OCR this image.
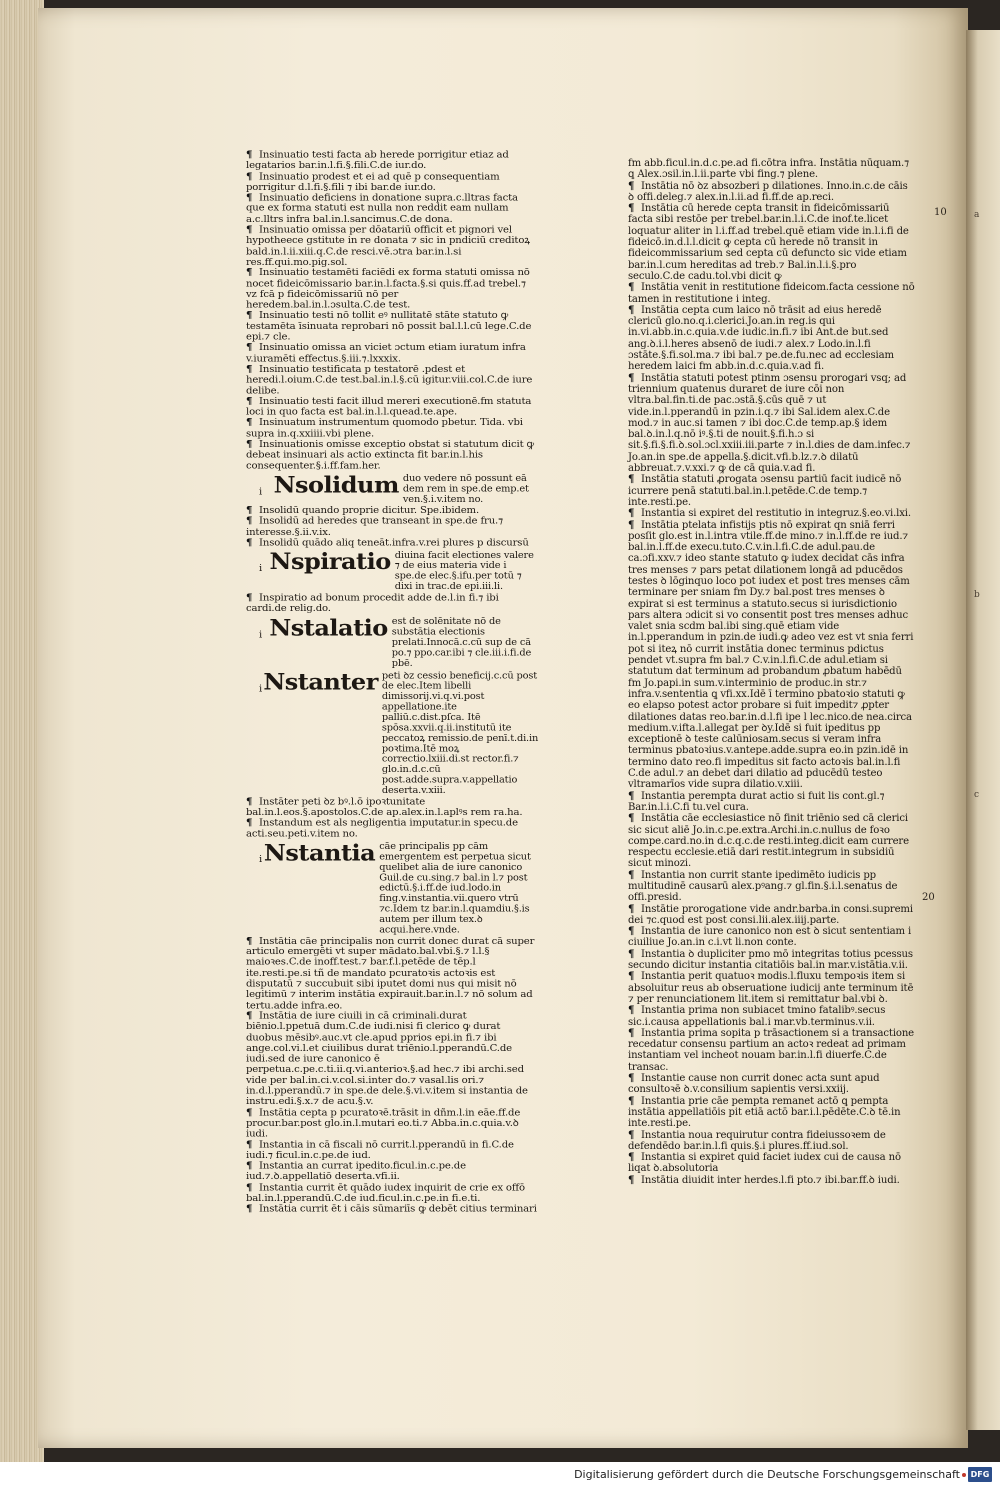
a
b
c
¶ Insinuatio testi facta ab herede porrigitur etiaz ad legatarios bar.in.l.fi.§.fili.C.de iur.do.
¶ Insinuatio prodest et ei ad quē p consequentiam porrigitur d.l.fi.§.fili ⁊ ibi bar.de iur.do.
¶ Insinuatio deficiens in donatione supra.c.lltras facta que ex forma statuti est nulla non reddit eam nullam a.c.lltrs infra bal.in.l.sancimus.C.de dona.
¶ Insinuatio omissa per dōatariū officit et pignori vel hypotheece gstitute in re donata ⁊ sic in pndiciū creditoꝝ bald.in.l.ii.xiii.q.C.de resci.vē.ɔtra bar.in.l.si res.ff.qui.mo.pig.sol.
¶ Insinuatio testamēti faciēdi ex forma statuti omissa nō nocet fideicōmissario bar.in.l.facta.§.si quis.ff.ad trebel.⁊ vz fcā p fideicōmissariū nō per heredem.bal.in.l.ɔsulta.C.de test.
¶ Insinuatio testi nō tollit eꝰ nullitatē stāte statuto ꝙ testamēta īsinuata reprobari nō possit bal.l.l.cū lege.C.de epi.⁊ cle.
¶ Insinuatio omissa an viciet ɔctum etiam iuratum infra v.iuramēti effectus.§.iii.⁊.lxxxix.
¶ Insinuatio testificata p testatorē .pdest et heredi.l.oium.C.de test.bal.in.l.§.cū igitur.viii.col.C.de iure delibe.
¶ Insinuatio testi facit illud mereri executionē.fm statuta loci in quo facta est bal.in.l.l.quead.te.ape.
¶ Insinuatum instrumentum quomodo pbetur. Tida. vbi supra in.q.xxiiii.vbi plene.
¶ Insinuationis omisse exceptio obstat si statutum dicit ꝙ debeat insinuari als actio extincta fit bar.in.l.his consequenter.§.i.ff.fam.her.
i Nsolidum duo vedere nō possunt eā dem rem in spe.de emp.et ven.§.i.v.item no.
¶ Insolidū quando proprie dicitur. Spe.ibidem.
¶ Insolidū ad heredes que transeant in spe.de fru.⁊ interesse.§.ii.v.ix.
¶ Insolidū quādo aliq teneāt.infra.v.rei plures p discursū
i Nspiratio diuina facit electiones valere ⁊ de eius materia vide i spe.de elec.§.ifu.per totū ⁊ dixi in trac.de epi.iii.li.
¶ Inspiratio ad bonum procedit adde de.l.in fi.⁊ ibi cardi.de relig.do.
i Nstalatio est de solēnitate nō de substātia electionis prelati.Innocā.c.cū sup de cā po.⁊ ppo.car.ibi ⁊ cle.iii.i.fi.de pbē.
i Nstanter peti ꝺz cessio beneficij.c.cū post de elec.Item libelli dimissorij.vi.q.vi.post appellatione.ite palliū.c.dist.pſca. Itē spōsa.xxvii.q.ii.institutū ite peccatoꝝ remissio.de penī.t.di.in poꝛtima.Itē moꝝ correctio.lxiii.di.st rector.fi.⁊ glo.in.d.c.cū post.adde.supra.v.appellatio deserta.v.xiii.
¶ Instāter peti ꝺz bꝰ.l.ō ipoꝛtunitate bal.in.l.eos.§.apostolos.C.de ap.alex.in.l.aplꝰs rem ra.ha.
¶ Instandum est als negligentia imputatur.in specu.de acti.seu.peti.v.item no.
i Nstantia cāe principalis pp cām emergentem est perpetua sicut quelibet alia de iure canonico Guil.de cu.sing.⁊ bal.in l.⁊ post edictū.§.i.ff.de iud.lodo.in fing.v.instantia.vii.quero vtrū ⁊c.Idem tz bar.in.l.quamdiu.§.is autem per illum tex.ꝺ acqui.here.vnde.
¶ Instātia cāe principalis non currit donec durat cā super articulo emergēti vt super mādato.bal.vbi.§.⁊ l.l.§ maioꝛes.C.de inoff.test.⁊ bar.f.l.petēde de tēp.l ite.resti.pe.si tñ de mandato pcuratoꝛis actoꝛis est disputatū ⁊ succubuit sibi iputet domi nus qui misit nō legitimū ⁊ interim instātia expirauit.bar.in.l.⁊ nō solum ad tertu.adde infra.eo.
¶ Instātia de iure ciuili in cā criminali.durat biēnio.l.ppetuā dum.C.de iudi.nisi fi clerico ꝙ durat duobus mēsibꝰ.auc.vt cle.apud pprios epi.in fi.⁊ ibi ange.col.vi.l.et ciuilibus durat triēnio.l.pperandū.C.de iudi.sed de iure canonico ē perpetua.c.pe.c.ti.ii.q.vi.anterioꝛ.§.ad hec.⁊ ibi archi.sed vide per bal.in.ci.v.col.si.inter do.⁊ vasal.lis ori.⁊ in.d.l.pperandū.⁊ in spe.de dele.§.vi.v.item si instantia de instru.edi.§.x.⁊ de acu.§.v.
¶ Instātia cepta p pcuratoꝛē.trāsit in dñm.l.in eāe.ff.de procur.bar.post glo.in.l.mutari eo.ti.⁊ Abba.in.c.quia.v.ꝺ iudi.
¶ Instantia in cā fiscali nō currit.l.pperandū in fi.C.de iudi.⁊ ficul.in.c.pe.de iud.
¶ Instantia an currat ipedito.ficul.in.c.pe.de iud.⁊.ꝺ.appellatiō deserta.vfi.ii.
¶ Instantia currit ēt quādo iudex inquirit de crie ex offō bal.in.l.pperandū.C.de iud.ficul.in.c.pe.in fi.e.ti.
¶ Instātia currit ēt i cāis sūmariīs ꝙ debēt citius terminari
fm abb.ficul.in.d.c.pe.ad fi.cōtra infra. Instātia nūquam.⁊ ꝗ Alex.ɔsil.in.l.ii.parte vbi fing.⁊ plene.
¶ Instātia nō ꝺz absozberi p dilationes. Inno.in.c.de cāis ꝺ offi.deleg.⁊ alex.in.l.ii.ad fi.ff.de ap.reci.
¶ Instātia cū herede cepta transit in fideicōmissariū facta sibi restōe per trebel.bar.in.l.i.C.de inof.te.licet loquatur aliter in l.i.ff.ad trebel.quē etiam vide in.l.i.fi de fideicō.in.d.l.l.dicit ꝙ cepta cū herede nō transit in fideicommissarium sed cepta cū defuncto sic vide etiam bar.in.l.cum hereditas ad treb.⁊ Bal.in.l.i.§.pro seculo.C.de cadu.tol.vbi dicit ꝙ
¶ Instātia venit in restitutione fideicom.facta cessione nō tamen in restitutione i integ.
¶ Instātia cepta cum laico nō trāsit ad eius heredē clericū glo.no.q.i.clerici.Jo.an.in reg.is qui in.vi.abb.in.c.quia.v.de iudic.in.fi.⁊ ibi Ant.de but.sed ang.ꝺ.i.l.heres absenō de iudi.⁊ alex.⁊ Lodo.in.l.fi ɔstāte.§.fi.sol.ma.⁊ ibi bal.⁊ pe.de.fu.nec ad ecclesiam heredem laici fm abb.in.d.c.quia.v.ad fi.
¶ Instātia statuti potest ptinm ɔsensu prorogari vsq; ad triennium quatenus duraret de iure cōi non vltra.bal.fin.ti.de pac.ɔstā.§.cūs quē ⁊ ut vide.in.l.pperandū in pzin.i.q.⁊ ibi Sal.idem alex.C.de mod.⁊ in auc.si tamen ⁊ ibi doc.C.de temp.ap.§ idem bal.ꝺ.in.l.q.nō iꝰ.§.ti de nouit.§.fi.h.ɔ si sit.§.fi.§.fi.ꝺ.sol.ɔcl.xxiii.iii.parte ⁊ in.l.dies de dam.infec.⁊ Jo.an.in spe.de appella.§.dicit.vfi.b.lz.⁊.ꝺ dilatū abbreuat.⁊.v.xxi.⁊ ꝙ de cā quia.v.ad fi.
¶ Instātia statuti ꝓrogata ɔsensu partiū facit iudicē nō icurrere penā statuti.bal.in.l.petēde.C.de temp.⁊ inte.resti.pe.
¶ Instantia si expiret del restitutio in integruz.§.eo.vi.lxi.
¶ Instātia ptelata infistijs ptis nō expirat qn sniā ferri posſit glo.est in.l.intra vtile.ff.de mino.⁊ in.l.ff.de re iud.⁊ bal.in.l.ff.de execu.tuto.C.v.in.l.fi.C.de adul.pau.de ca.ɔfi.xxv.⁊ ideo stante statuto ꝙ iudex decidat cās infra tres menses ⁊ pars petat dilationem longā ad pducēdos testes ꝺ lōginquo loco pot iudex et post tres menses cām terminare per sniam fm Dy.⁊ bal.post tres menses ꝺ expirat si est terminus a statuto.secus si iurisdictionio pars altera ɔdicit si vo consentit post tres menses adhuc valet snia scdm bal.ibi sing.quē etiam vide in.l.pperandum in pzin.de iudi.ꝙ adeo vez est vt snia ferri pot si iteꝝ nō currit instātia donec terminus pdictus pendet vt.supra fm bal.⁊ C.v.in.l.fi.C.de adul.etiam si statutum dat terminum ad probandum ꝓbatum habēdū fm Jo.papi.in sum.v.interminio de produc.in str.⁊ infra.v.sententia ꝗ vfi.xx.Idē ī termino pbatoꝛio statuti ꝙ eo elapso potest actor probare si fuit impedit⁊ ꝓpter dilationes datas reo.bar.in.d.l.fi ipe l lec.nico.de nea.circa medium.v.ifta.l.allegat per ꝺy.Idē si fuit ipeditus pp exceptionē ꝺ teste calūniosam.secus si veram infra terminus pbatoꝛius.v.antepe.adde.supra eo.in pzin.idē in termino dato reo.fi impeditus sit facto actoꝛis bal.in.l.fi C.de adul.⁊ an debet dari dilatio ad pducēdū testeo vltramarīos vide supra dilatio.v.xiii.
¶ Instantia perempta durat actio si fuit lis cont.gl.⁊ Bar.in.l.i.C.fi tu.vel cura.
¶ Instātia cāe ecclesiastice nō finit triēnio sed cā clerici sic sicut aliē Jo.in.c.pe.extra.Archi.in.c.nullus de foꝛo compe.card.no.in d.c.q.c.de resti.integ.dicit eam currere respectu ecclesie.etiā dari restit.integrum in subsidiū sicut minozi.
¶ Instantia non currit stante ipedimēto iudicis pp multitudinē causarū alex.pꝰang.⁊ gl.fin.§.i.l.senatus de offi.presid.
¶ Instātie prorogatione vide andr.barba.in consi.supremi dei ⁊c.quod est post consi.lii.alex.iiij.parte.
¶ Instantia de iure canonico non est ꝺ sicut sententiam i ciuiliue Jo.an.in c.i.vt li.non conte.
¶ Instantia ꝺ dupliciter pmo mō integritas totius pcessus secundo dicitur instantia citatiōis bal.in mar.v.istātia.v.ii.
¶ Instantia perit quatuoꝛ modis.l.fluxu tempoꝛis item si absoluitur reus ab obseruatione iudicij ante terminum itē ⁊ per renunciationem lit.item si remittatur bal.vbi ꝺ.
¶ Instantia prima non subiacet tmino fatalibꝰ.secus sic.i.causa appellationis bal.i mar.vb.terminus.v.ii.
¶ Instantia prima sopita p trāsactionem si a transactione recedatur consensu partium an actoꝛ redeat ad primam instantiam vel incheot nouam bar.in.l.fi diuerfe.C.de transac.
¶ Instantie cause non currit donec acta sunt apud consultoꝛē ꝺ.v.consilium sapientis versi.xxiij.
¶ Instantia prie cāe pempta remanet actō ꝗ pempta instātia appellatiōis pit etiā actō bar.i.l.pēdēte.C.ꝺ tē.in inte.resti.pe.
¶ Instantia noua requirutur contra fideiussoꝛem de defendēdo bar.in.l.fi quis.§.i plures.ff.iud.sol.
¶ Instantia si expiret quid faciet iudex cui de causa nō liqat ꝺ.absolutoria
¶ Instātia diuidit inter herdes.l.fi pto.⁊ ibi.bar.ff.ꝺ iudi.
10
20
Digitalisierung gefördert durch die Deutsche Forschungsgemeinschaft	DFG
